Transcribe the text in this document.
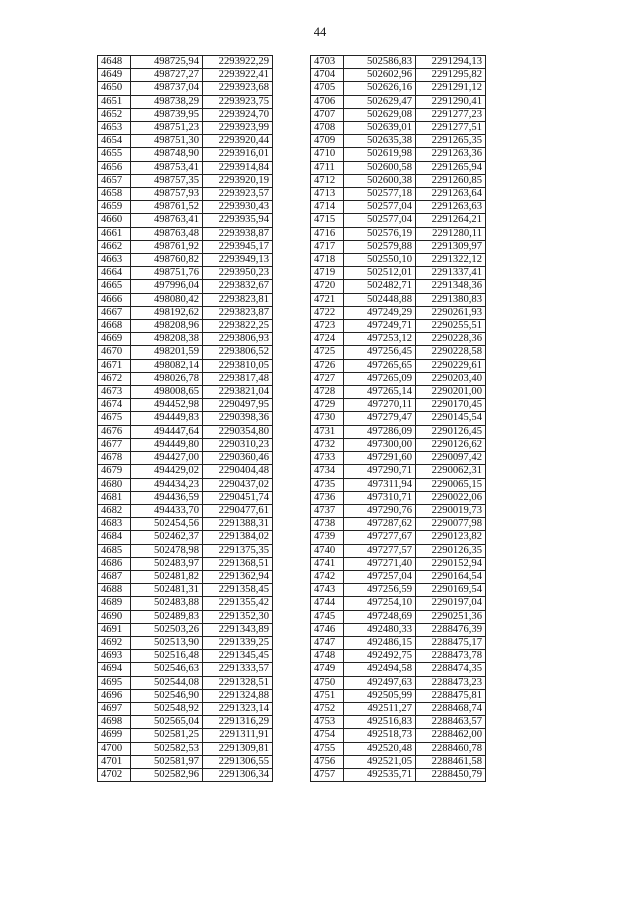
44
4648	498725,94	2293922,29
4649	498727,27	2293922,41
4650	498737,04	2293923,68
4651	498738,29	2293923,75
4652	498739,95	2293924,70
4653	498751,23	2293923,99
4654	498751,30	2293920,44
4655	498748,90	2293916,01
4656	498753,41	2293914,84
4657	498757,35	2293920,19
4658	498757,93	2293923,57
4659	498761,52	2293930,43
4660	498763,41	2293935,94
4661	498763,48	2293938,87
4662	498761,92	2293945,17
4663	498760,82	2293949,13
4664	498751,76	2293950,23
4665	497996,04	2293832,67
4666	498080,42	2293823,81
4667	498192,62	2293823,87
4668	498208,96	2293822,25
4669	498208,38	2293806,93
4670	498201,59	2293806,52
4671	498082,14	2293810,05
4672	498026,78	2293817,48
4673	498008,65	2293821,04
4674	494452,98	2290497,95
4675	494449,83	2290398,36
4676	494447,64	2290354,80
4677	494449,80	2290310,23
4678	494427,00	2290360,46
4679	494429,02	2290404,48
4680	494434,23	2290437,02
4681	494436,59	2290451,74
4682	494433,70	2290477,61
4683	502454,56	2291388,31
4684	502462,37	2291384,02
4685	502478,98	2291375,35
4686	502483,97	2291368,51
4687	502481,82	2291362,94
4688	502481,31	2291358,45
4689	502483,88	2291355,42
4690	502489,83	2291352,30
4691	502503,26	2291343,89
4692	502513,90	2291339,25
4693	502516,48	2291345,45
4694	502546,63	2291333,57
4695	502544,08	2291328,51
4696	502546,90	2291324,88
4697	502548,92	2291323,14
4698	502565,04	2291316,29
4699	502581,25	2291311,91
4700	502582,53	2291309,81
4701	502581,97	2291306,55
4702	502582,96	2291306,34
4703	502586,83	2291294,13
4704	502602,96	2291295,82
4705	502626,16	2291291,12
4706	502629,47	2291290,41
4707	502629,08	2291277,23
4708	502639,01	2291277,51
4709	502635,38	2291265,35
4710	502619,98	2291263,36
4711	502600,58	2291265,94
4712	502600,38	2291260,85
4713	502577,18	2291263,64
4714	502577,04	2291263,63
4715	502577,04	2291264,21
4716	502576,19	2291280,11
4717	502579,88	2291309,97
4718	502550,10	2291322,12
4719	502512,01	2291337,41
4720	502482,71	2291348,36
4721	502448,88	2291380,83
4722	497249,29	2290261,93
4723	497249,71	2290255,51
4724	497253,12	2290228,36
4725	497256,45	2290228,58
4726	497265,65	2290229,61
4727	497265,09	2290203,40
4728	497265,14	2290201,00
4729	497270,11	2290170,45
4730	497279,47	2290145,54
4731	497286,09	2290126,45
4732	497300,00	2290126,62
4733	497291,60	2290097,42
4734	497290,71	2290062,31
4735	497311,94	2290065,15
4736	497310,71	2290022,06
4737	497290,76	2290019,73
4738	497287,62	2290077,98
4739	497277,67	2290123,82
4740	497277,57	2290126,35
4741	497271,40	2290152,94
4742	497257,04	2290164,54
4743	497256,59	2290169,54
4744	497254,10	2290197,04
4745	497248,69	2290251,36
4746	492480,33	2288476,39
4747	492486,15	2288475,17
4748	492492,75	2288473,78
4749	492494,58	2288474,35
4750	492497,63	2288473,23
4751	492505,99	2288475,81
4752	492511,27	2288468,74
4753	492516,83	2288463,57
4754	492518,73	2288462,00
4755	492520,48	2288460,78
4756	492521,05	2288461,58
4757	492535,71	2288450,79
